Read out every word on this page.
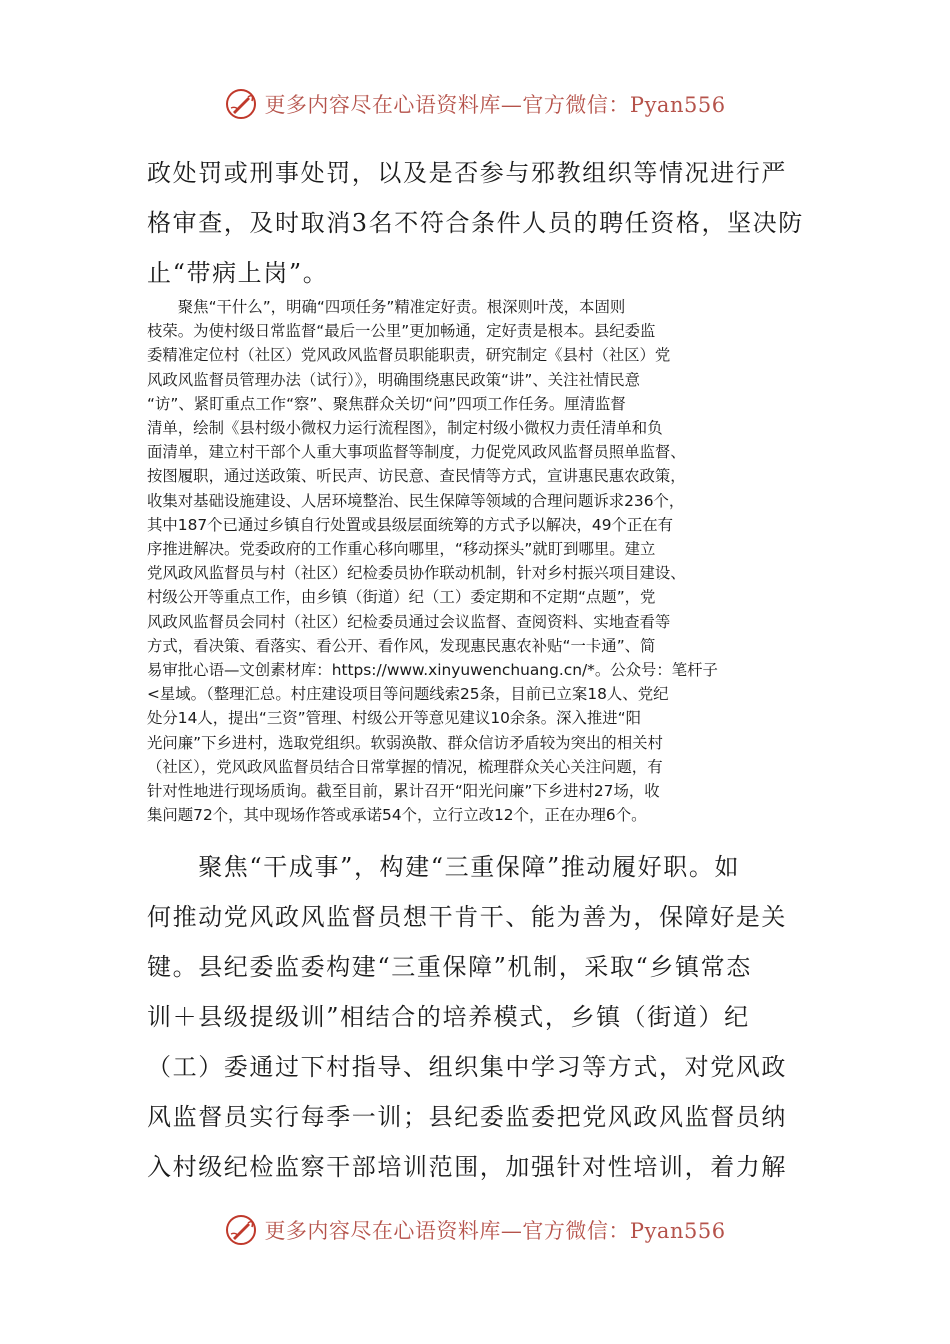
更多内容尽在心语资料库—官方微信：Pyan556
政处罚或刑事处罚，以及是否参与邪教组织等情况进行严
格审查，及时取消3名不符合条件人员的聘任资格，坚决防
止“带病上岗”。
　　聚焦“干什么”，明确“四项任务”精准定好责。根深则叶茂，本固则
枝荣。为使村级日常监督“最后一公里”更加畅通，定好责是根本。县纪委监
委精准定位村（社区）党风政风监督员职能职责，研究制定《县村（社区）党
风政风监督员管理办法（试行）》，明确围绕惠民政策“讲”、关注社情民意
“访”、紧盯重点工作“察”、聚焦群众关切“问”四项工作任务。厘清监督
清单，绘制《县村级小微权力运行流程图》，制定村级小微权力责任清单和负
面清单，建立村干部个人重大事项监督等制度，力促党风政风监督员照单监督、
按图履职，通过送政策、听民声、访民意、查民情等方式，宣讲惠民惠农政策，
收集对基础设施建设、人居环境整治、民生保障等领域的合理问题诉求236个，
其中187个已通过乡镇自行处置或县级层面统筹的方式予以解决，49个正在有
序推进解决。党委政府的工作重心移向哪里，“移动探头”就盯到哪里。建立
党风政风监督员与村（社区）纪检委员协作联动机制，针对乡村振兴项目建设、
村级公开等重点工作，由乡镇（街道）纪（工）委定期和不定期“点题”，党
风政风监督员会同村（社区）纪检委员通过会议监督、查阅资料、实地查看等
方式，看决策、看落实、看公开、看作风，发现惠民惠农补贴“一卡通”、简
易审批心语—文创素材库：https://www.xinyuwenchuang.cn/*。公众号：笔杆子
<星域。（整理汇总。村庄建设项目等问题线索25条，目前已立案18人、党纪
处分14人，提出“三资”管理、村级公开等意见建议10余条。深入推进“阳
光问廉”下乡进村，选取党组织。软弱涣散、群众信访矛盾较为突出的相关村
（社区），党风政风监督员结合日常掌握的情况，梳理群众关心关注问题，有
针对性地进行现场质询。截至目前，累计召开“阳光问廉”下乡进村27场，收
集问题72个，其中现场作答或承诺54个，立行立改12个，正在办理6个。
　　聚焦“干成事”，构建“三重保障”推动履好职。如
何推动党风政风监督员想干肯干、能为善为，保障好是关
键。县纪委监委构建“三重保障”机制，采取“乡镇常态
训＋县级提级训”相结合的培养模式，乡镇（街道）纪
（工）委通过下村指导、组织集中学习等方式，对党风政
风监督员实行每季一训；县纪委监委把党风政风监督员纳
入村级纪检监察干部培训范围，加强针对性培训，着力解
更多内容尽在心语资料库—官方微信：Pyan556
